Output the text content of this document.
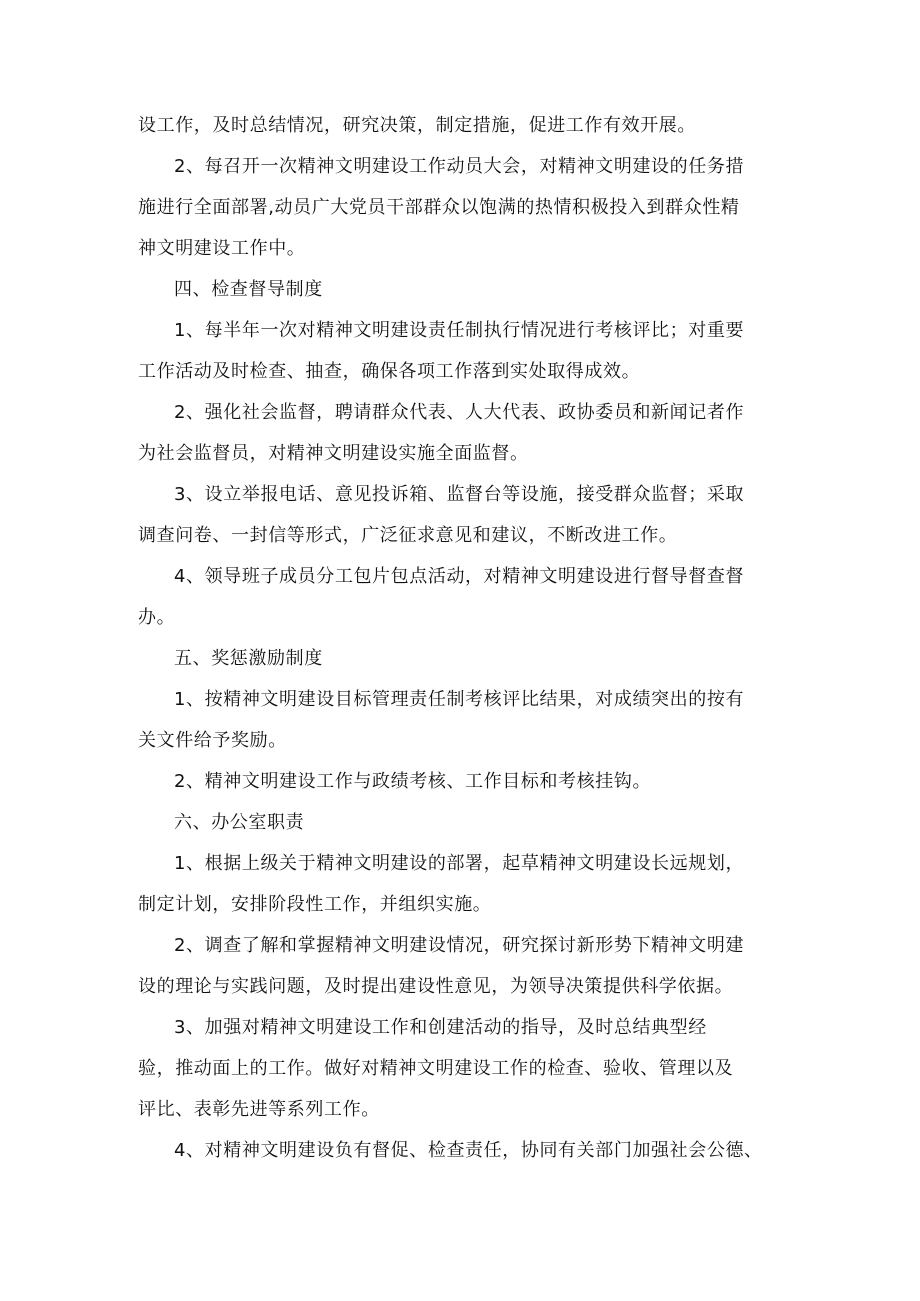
设工作，及时总结情况，研究决策，制定措施，促进工作有效开展。
2、每召开一次精神文明建设工作动员大会，对精神文明建设的任务措
施进行全面部署,动员广大党员干部群众以饱满的热情积极投入到群众性精
神文明建设工作中。
四、检查督导制度
1、每半年一次对精神文明建设责任制执行情况进行考核评比；对重要
工作活动及时检查、抽查，确保各项工作落到实处取得成效。
2、强化社会监督，聘请群众代表、人大代表、政协委员和新闻记者作
为社会监督员，对精神文明建设实施全面监督。
3、设立举报电话、意见投诉箱、监督台等设施，接受群众监督；采取
调查问卷、一封信等形式，广泛征求意见和建议，不断改进工作。
4、领导班子成员分工包片包点活动，对精神文明建设进行督导督查督
办。
五、奖惩激励制度
1、按精神文明建设目标管理责任制考核评比结果，对成绩突出的按有
关文件给予奖励。
2、精神文明建设工作与政绩考核、工作目标和考核挂钩。
六、办公室职责
1、根据上级关于精神文明建设的部署，起草精神文明建设长远规划，
制定计划，安排阶段性工作，并组织实施。
2、调查了解和掌握精神文明建设情况，研究探讨新形势下精神文明建
设的理论与实践问题，及时提出建设性意见，为领导决策提供科学依据。
3、加强对精神文明建设工作和创建活动的指导，及时总结典型经
验，推动面上的工作。做好对精神文明建设工作的检查、验收、管理以及
评比、表彰先进等系列工作。
4、对精神文明建设负有督促、检查责任，协同有关部门加强社会公德、
